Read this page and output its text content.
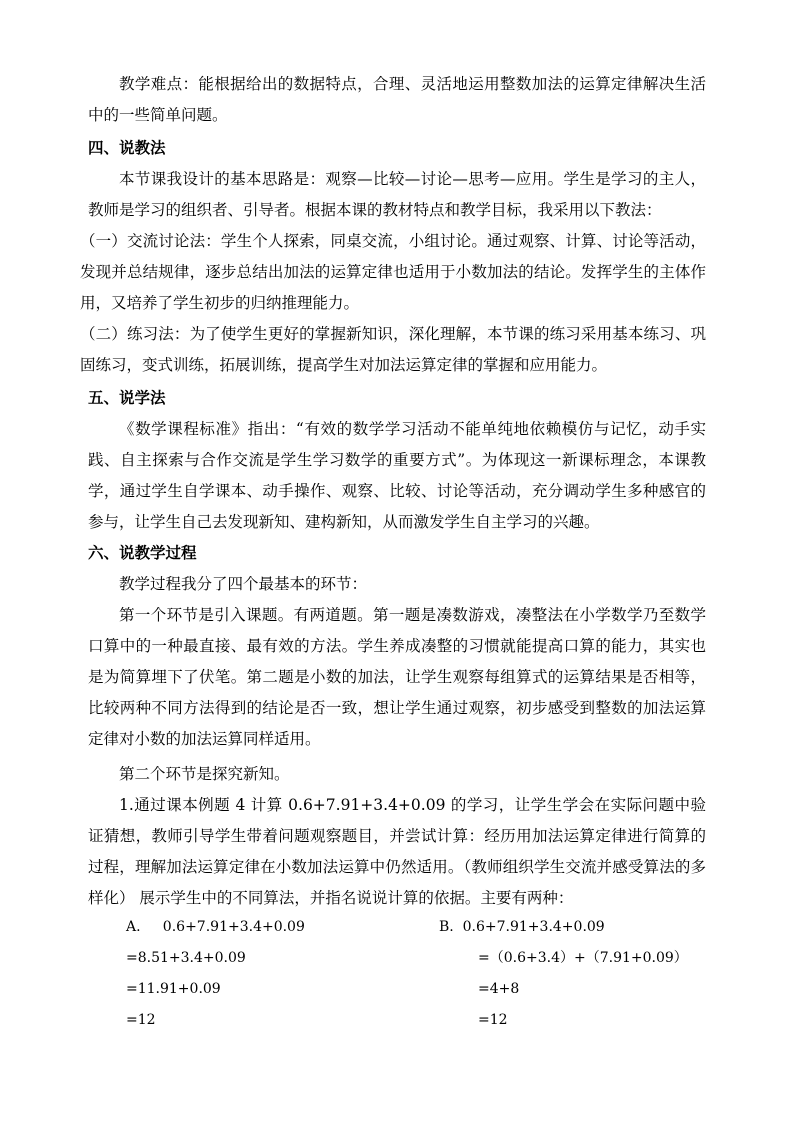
教学难点：能根据给出的数据特点，合理、灵活地运用整数加法的运算定律解决生活中的一些简单问题。

四、说教法

本节课我设计的基本思路是：观察—比较—讨论—思考—应用。学生是学习的主人，教师是学习的组织者、引导者。根据本课的教材特点和教学目标，我采用以下教法：

（一）交流讨论法：学生个人探索，同桌交流，小组讨论。通过观察、计算、讨论等活动，发现并总结规律，逐步总结出加法的运算定律也适用于小数加法的结论。发挥学生的主体作用，又培养了学生初步的归纳推理能力。

（二）练习法：为了使学生更好的掌握新知识，深化理解，本节课的练习采用基本练习、巩固练习，变式训练，拓展训练，提高学生对加法运算定律的掌握和应用能力。

五、说学法

《数学课程标准》指出：“有效的数学学习活动不能单纯地依赖模仿与记忆，动手实践、自主探索与合作交流是学生学习数学的重要方式”。为体现这一新课标理念，本课教学，通过学生自学课本、动手操作、观察、比较、讨论等活动，充分调动学生多种感官的参与，让学生自己去发现新知、建构新知，从而激发学生自主学习的兴趣。

六、说教学过程

教学过程我分了四个最基本的环节：

第一个环节是引入课题。有两道题。第一题是凑数游戏，凑整法在小学数学乃至数学口算中的一种最直接、最有效的方法。学生养成凑整的习惯就能提高口算的能力，其实也是为简算埋下了伏笔。第二题是小数的加法，让学生观察每组算式的运算结果是否相等，比较两种不同方法得到的结论是否一致，想让学生通过观察，初步感受到整数的加法运算定律对小数的加法运算同样适用。

第二个环节是探究新知。

1.通过课本例题 4 计算 0.6+7.91+3.4+0.09 的学习，让学生学会在实际问题中验证猜想，教师引导学生带着问题观察题目，并尝试计算：经历用加法运算定律进行简算的过程，理解加法运算定律在小数加法运算中仍然适用。（教师组织学生交流并感受算法的多样化） 展示学生中的不同算法，并指名说说计算的依据。主要有两种：

A.     0.6+7.91+3.4+0.09

=8.51+3.4+0.09

=11.91+0.09

=12

B.  0.6+7.91+3.4+0.09

=（0.6+3.4）+（7.91+0.09）

=4+8

=12
